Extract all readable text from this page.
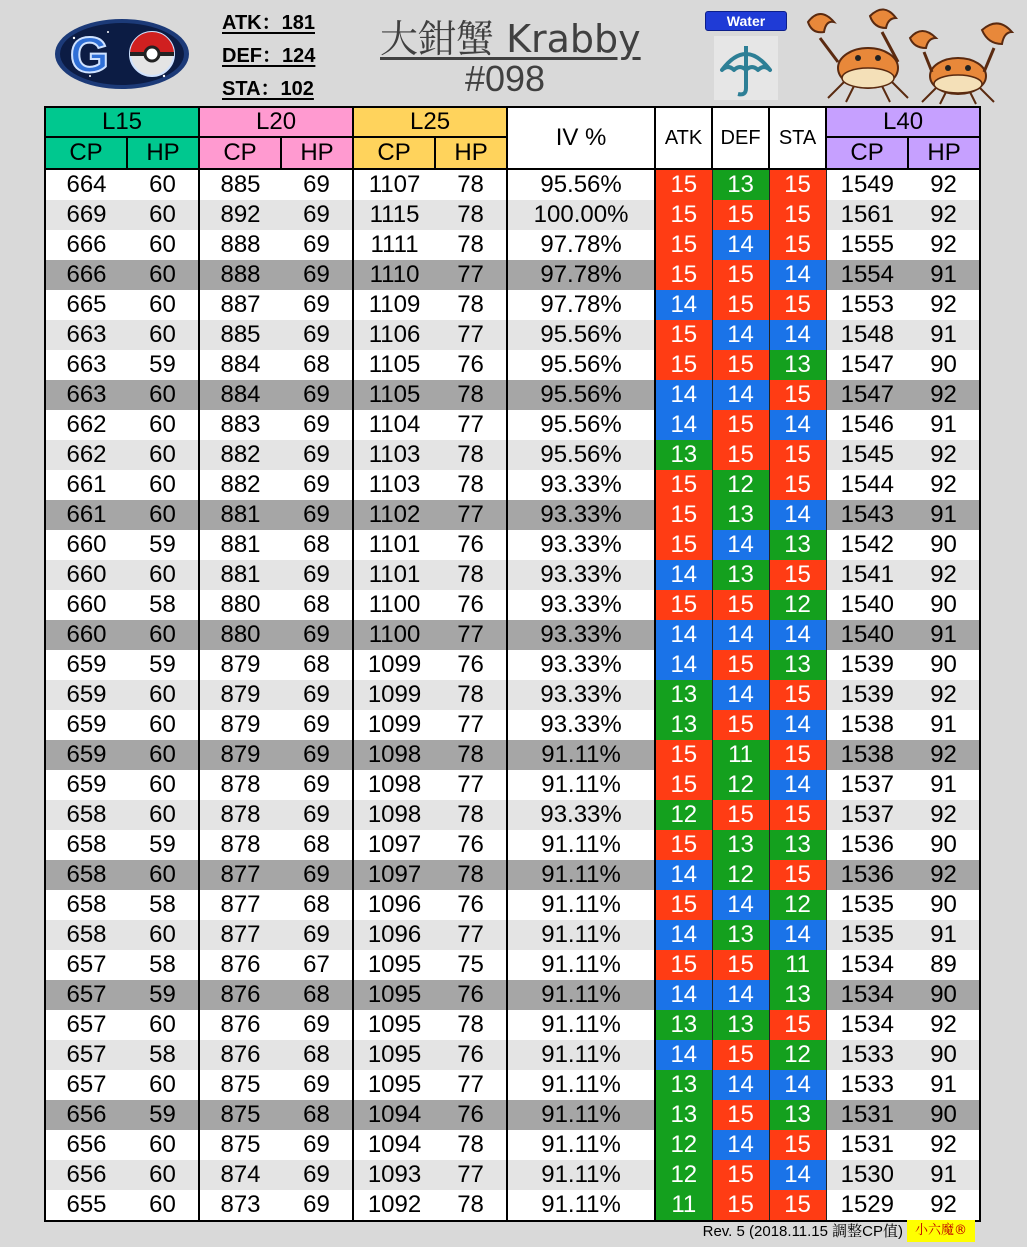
G
ATK：181
DEF：124
STA：102
大鉗蟹 Krabby
#098
Water
L15		L20		L25		IV %	ATK	DEF	STA	L40	
CP	HP	CP	HP	CP	HP					CP	HP
664	60	885	69	1107	78	95.56%	15	13	15	1549	92
669	60	892	69	1115	78	100.00%	15	15	15	1561	92
666	60	888	69	1111	78	97.78%	15	14	15	1555	92
666	60	888	69	1110	77	97.78%	15	15	14	1554	91
665	60	887	69	1109	78	97.78%	14	15	15	1553	92
663	60	885	69	1106	77	95.56%	15	14	14	1548	91
663	59	884	68	1105	76	95.56%	15	15	13	1547	90
663	60	884	69	1105	78	95.56%	14	14	15	1547	92
662	60	883	69	1104	77	95.56%	14	15	14	1546	91
662	60	882	69	1103	78	95.56%	13	15	15	1545	92
661	60	882	69	1103	78	93.33%	15	12	15	1544	92
661	60	881	69	1102	77	93.33%	15	13	14	1543	91
660	59	881	68	1101	76	93.33%	15	14	13	1542	90
660	60	881	69	1101	78	93.33%	14	13	15	1541	92
660	58	880	68	1100	76	93.33%	15	15	12	1540	90
660	60	880	69	1100	77	93.33%	14	14	14	1540	91
659	59	879	68	1099	76	93.33%	14	15	13	1539	90
659	60	879	69	1099	78	93.33%	13	14	15	1539	92
659	60	879	69	1099	77	93.33%	13	15	14	1538	91
659	60	879	69	1098	78	91.11%	15	11	15	1538	92
659	60	878	69	1098	77	91.11%	15	12	14	1537	91
658	60	878	69	1098	78	93.33%	12	15	15	1537	92
658	59	878	68	1097	76	91.11%	15	13	13	1536	90
658	60	877	69	1097	78	91.11%	14	12	15	1536	92
658	58	877	68	1096	76	91.11%	15	14	12	1535	90
658	60	877	69	1096	77	91.11%	14	13	14	1535	91
657	58	876	67	1095	75	91.11%	15	15	11	1534	89
657	59	876	68	1095	76	91.11%	14	14	13	1534	90
657	60	876	69	1095	78	91.11%	13	13	15	1534	92
657	58	876	68	1095	76	91.11%	14	15	12	1533	90
657	60	875	69	1095	77	91.11%	13	14	14	1533	91
656	59	875	68	1094	76	91.11%	13	15	13	1531	90
656	60	875	69	1094	78	91.11%	12	14	15	1531	92
656	60	874	69	1093	77	91.11%	12	15	14	1530	91
655	60	873	69	1092	78	91.11%	11	15	15	1529	92
Rev. 5 (2018.11.15 調整CP值) 小六魔®
